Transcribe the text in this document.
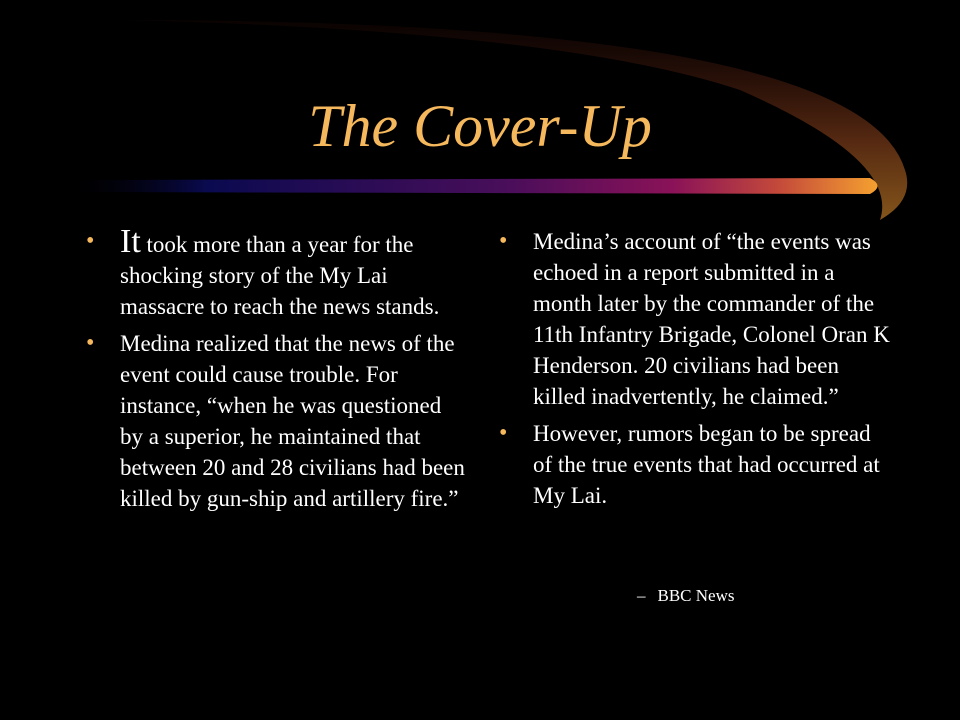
The Cover-Up

• It took more than a year for the shocking story of the My Lai massacre to reach the news stands.

• Medina realized that the news of the event could cause trouble. For instance, “when he was questioned by a superior, he maintained that between 20 and 28 civilians had been killed by gun-ship and artillery fire.”

• Medina’s account of “the events was echoed in a report submitted in a month later by the commander of the 11th Infantry Brigade, Colonel Oran K Henderson. 20 civilians had been killed inadvertently, he claimed.”

• However, rumors began to be spread of the true events that had occurred at My Lai.

– BBC News
